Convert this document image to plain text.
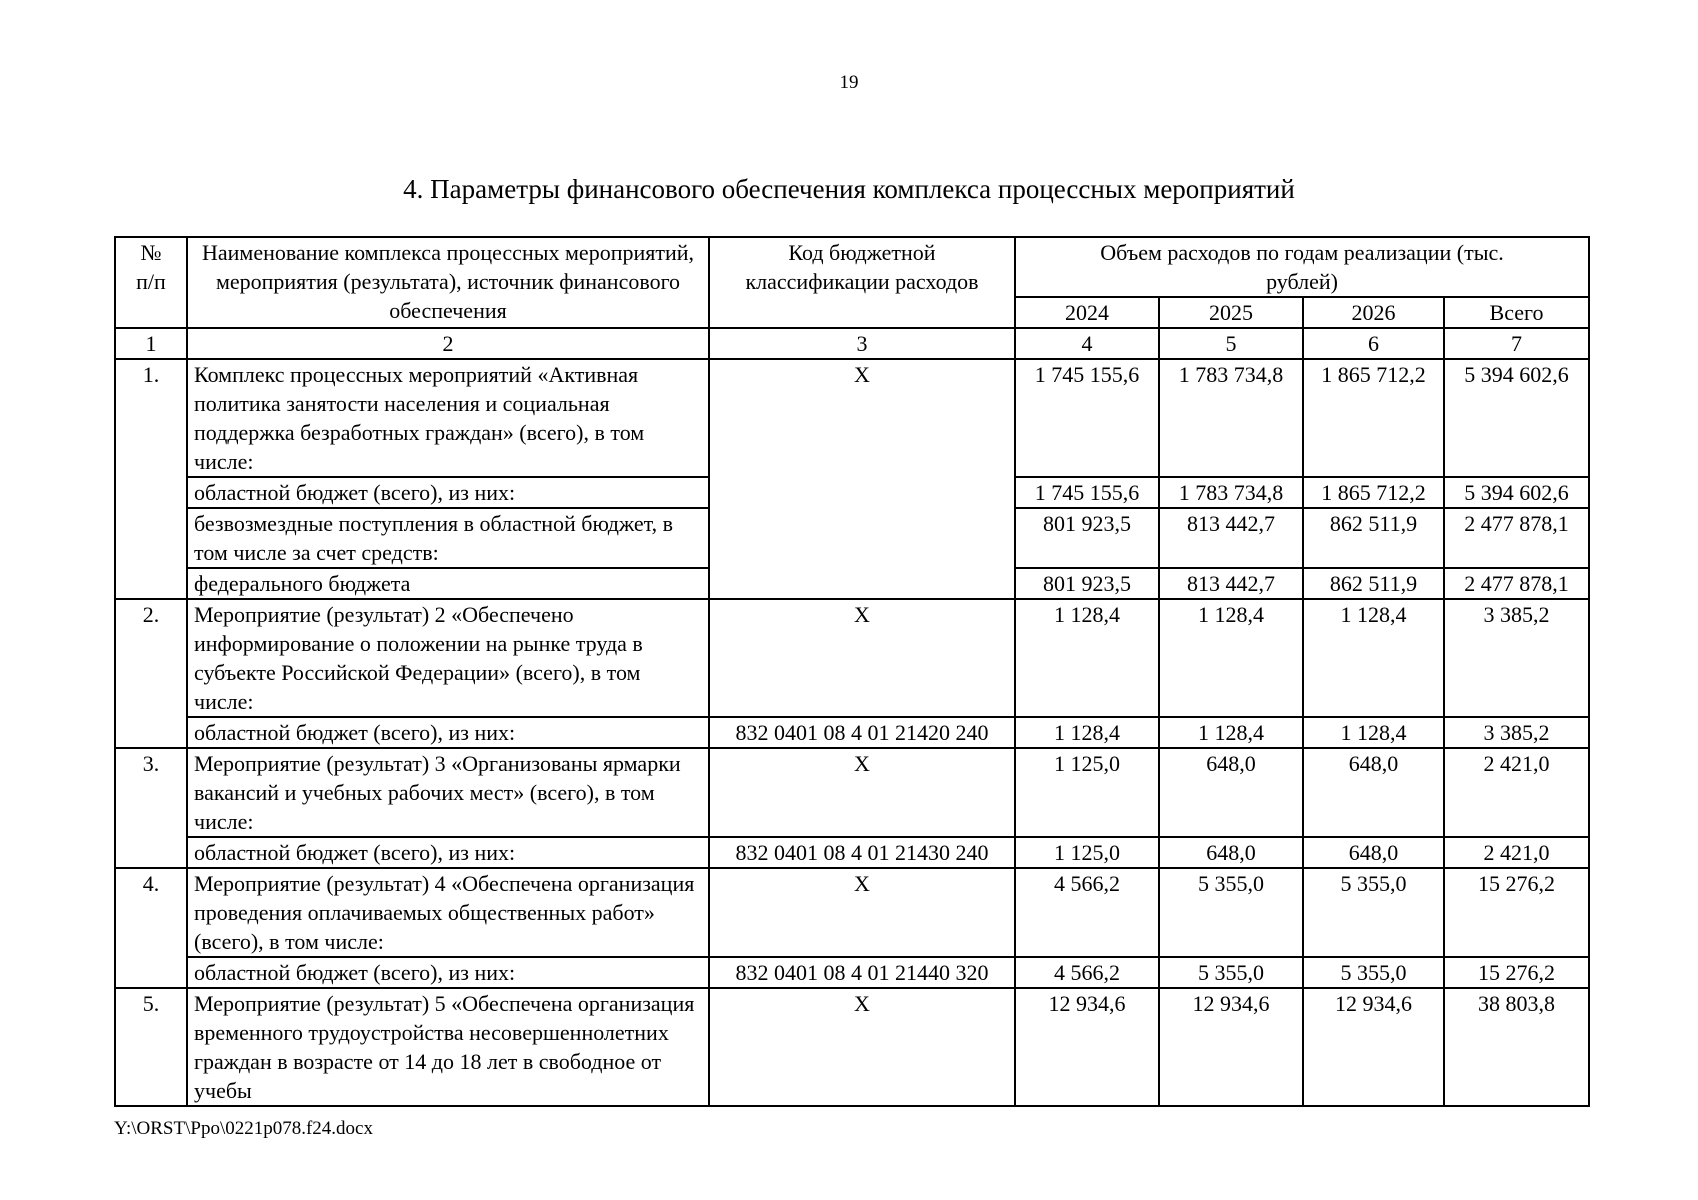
19
4. Параметры финансового обеспечения комплекса процессных мероприятий
№
п/п	Наименование комплекса процессных мероприятий, мероприятия (результата), источник финансового обеспечения	Код бюджетной классификации расходов	Объем расходов по годам реализации (тыс. рублей)			
			2024	2025	2026	Всего
1	2	3	4	5	6	7
1.	Комплекс процессных мероприятий «Активная политика занятости населения и социальная поддержка безработных граждан» (всего), в том числе:	X	1 745 155,6	1 783 734,8	1 865 712,2	5 394 602,6
	областной бюджет (всего), из них:		1 745 155,6	1 783 734,8	1 865 712,2	5 394 602,6
	безвозмездные поступления в областной бюджет, в том числе за счет средств:		801 923,5	813 442,7	862 511,9	2 477 878,1
	федерального бюджета		801 923,5	813 442,7	862 511,9	2 477 878,1
2.	Мероприятие (результат) 2 «Обеспечено информирование о положении на рынке труда в субъекте Российской Федерации» (всего), в том числе:	X	1 128,4	1 128,4	1 128,4	3 385,2
	областной бюджет (всего), из них:	832 0401 08 4 01 21420 240	1 128,4	1 128,4	1 128,4	3 385,2
3.	Мероприятие (результат) 3 «Организованы ярмарки вакансий и учебных рабочих мест» (всего), в том числе:	X	1 125,0	648,0	648,0	2 421,0
	областной бюджет (всего), из них:	832 0401 08 4 01 21430 240	1 125,0	648,0	648,0	2 421,0
4.	Мероприятие (результат) 4 «Обеспечена организация проведения оплачиваемых общественных работ» (всего), в том числе:	X	4 566,2	5 355,0	5 355,0	15 276,2
	областной бюджет (всего), из них:	832 0401 08 4 01 21440 320	4 566,2	5 355,0	5 355,0	15 276,2
5.	Мероприятие (результат) 5 «Обеспечена организация временного трудоустройства несовершеннолетних граждан в возрасте от 14 до 18 лет в свободное от учебы	X	12 934,6	12 934,6	12 934,6	38 803,8
Y:\ORST\Ppo\0221p078.f24.docx
